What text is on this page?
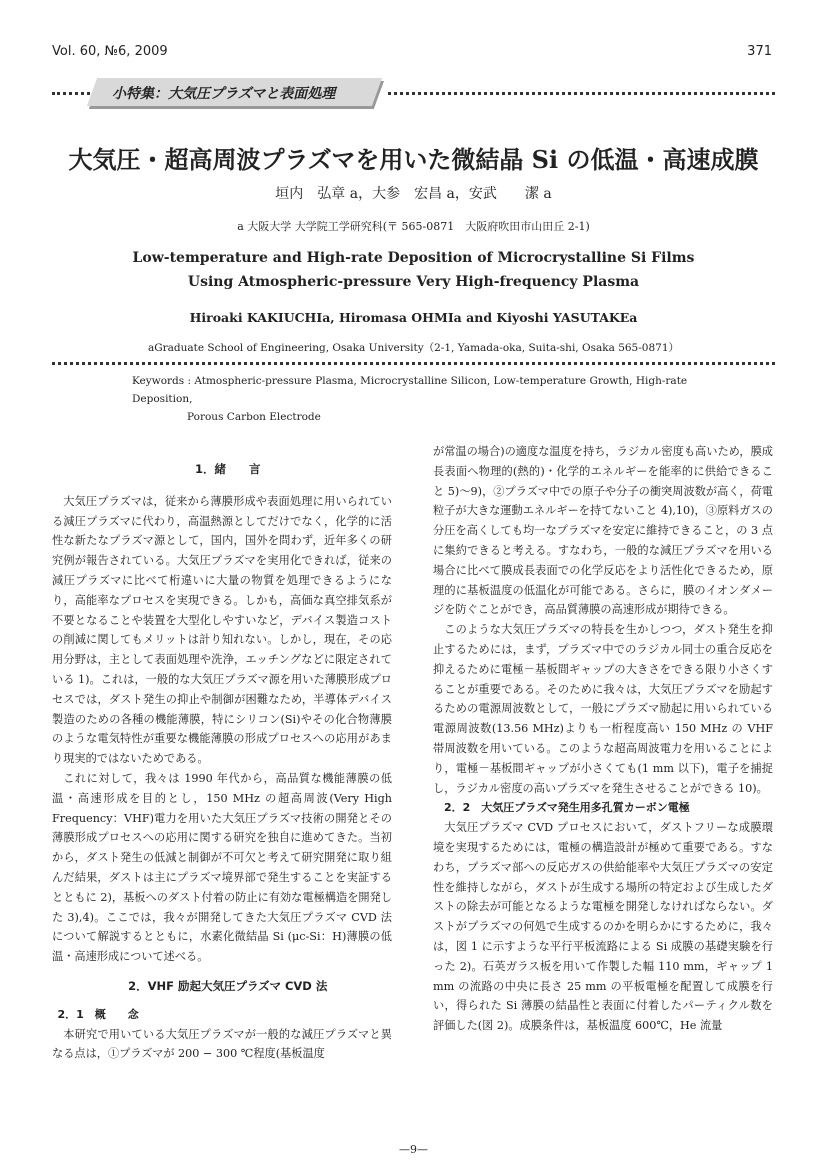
Vol. 60, №6, 2009	371
小特集：大気圧プラズマと表面処理
大気圧・超高周波プラズマを用いた微結晶 Si の低温・高速成膜
垣内　弘章 a，大参　宏昌 a，安武　　潔 a
a 大阪大学 大学院工学研究科(〒 565-0871　大阪府吹田市山田丘 2-1)
Low-temperature and High-rate Deposition of Microcrystalline Si Films
Using Atmospheric-pressure Very High-frequency Plasma
Hiroaki KAKIUCHIa, Hiromasa OHMIa and Kiyoshi YASUTAKEa
aGraduate School of Engineering, Osaka University（2-1, Yamada-oka, Suita-shi, Osaka 565-0871）
Keywords : Atmospheric-pressure Plasma, Microcrystalline Silicon, Low-temperature Growth, High-rate Deposition,
Porous Carbon Electrode

1．緒　　言

大気圧プラズマは，従来から薄膜形成や表面処理に用いられている減圧プラズマに代わり，高温熱源としてだけでなく，化学的に活性な新たなプラズマ源として，国内，国外を問わず，近年多くの研究例が報告されている。大気圧プラズマを実用化できれば，従来の減圧プラズマに比べて桁違いに大量の物質を処理できるようになり，高能率なプロセスを実現できる。しかも，高価な真空排気系が不要となることや装置を大型化しやすいなど，デバイス製造コストの削減に関してもメリットは計り知れない。しかし，現在，その応用分野は，主として表面処理や洗浄，エッチングなどに限定されている 1)。これは，一般的な大気圧プラズマ源を用いた薄膜形成プロセスでは，ダスト発生の抑止や制御が困難なため，半導体デバイス製造のための各種の機能薄膜，特にシリコン(Si)やその化合物薄膜のような電気特性が重要な機能薄膜の形成プロセスへの応用があまり現実的ではないためである。

これに対して，我々は 1990 年代から，高品質な機能薄膜の低温・高速形成を目的とし，150 MHz の超高周波(Very High Frequency：VHF)電力を用いた大気圧プラズマ技術の開発とその薄膜形成プロセスへの応用に関する研究を独自に進めてきた。当初から，ダスト発生の低減と制御が不可欠と考えて研究開発に取り組んだ結果，ダストは主にプラズマ境界部で発生することを実証するとともに 2)，基板へのダスト付着の防止に有効な電極構造を開発した 3),4)。ここでは，我々が開発してきた大気圧プラズマ CVD 法について解説するとともに，水素化微結晶 Si (μc-Si：H)薄膜の低温・高速形成について述べる。

2．VHF 励起大気圧プラズマ CVD 法

2．1　概　　念

本研究で用いている大気圧プラズマが一般的な減圧プラズマと異なる点は，①プラズマが 200 − 300 ℃程度(基板温度

が常温の場合)の適度な温度を持ち，ラジカル密度も高いため，膜成長表面へ物理的(熱的)・化学的エネルギーを能率的に供給できること 5)〜9)，②プラズマ中での原子や分子の衝突周波数が高く，荷電粒子が大きな運動エネルギーを持てないこと 4),10)，③原料ガスの分圧を高くしても均一なプラズマを安定に維持できること，の 3 点に集約できると考える。すなわち，一般的な減圧プラズマを用いる場合に比べて膜成長表面での化学反応をより活性化できるため，原理的に基板温度の低温化が可能である。さらに，膜のイオンダメージを防ぐことができ，高品質薄膜の高速形成が期待できる。

このような大気圧プラズマの特長を生かしつつ，ダスト発生を抑止するためには，まず，プラズマ中でのラジカル同士の重合反応を抑えるために電極－基板間ギャップの大きさをできる限り小さくすることが重要である。そのために我々は，大気圧プラズマを励起するための電源周波数として，一般にプラズマ励起に用いられている電源周波数(13.56 MHz)よりも一桁程度高い 150 MHz の VHF 帯周波数を用いている。このような超高周波電力を用いることにより，電極－基板間ギャップが小さくても(1 mm 以下)，電子を捕捉し，ラジカル密度の高いプラズマを発生させることができる 10)。

2．2　大気圧プラズマ発生用多孔質カーボン電極

大気圧プラズマ CVD プロセスにおいて，ダストフリーな成膜環境を実現するためには，電極の構造設計が極めて重要である。すなわち，プラズマ部への反応ガスの供給能率や大気圧プラズマの安定性を維持しながら，ダストが生成する場所の特定および生成したダストの除去が可能となるような電極を開発しなければならない。ダストがプラズマの何処で生成するのかを明らかにするために，我々は，図 1 に示すような平行平板流路による Si 成膜の基礎実験を行った 2)。石英ガラス板を用いて作製した幅 110 mm，ギャップ 1 mm の流路の中央に長さ 25 mm の平板電極を配置して成膜を行い，得られた Si 薄膜の結晶性と表面に付着したパーティクル数を評価した(図 2)。成膜条件は，基板温度 600℃，He 流量

—9—
